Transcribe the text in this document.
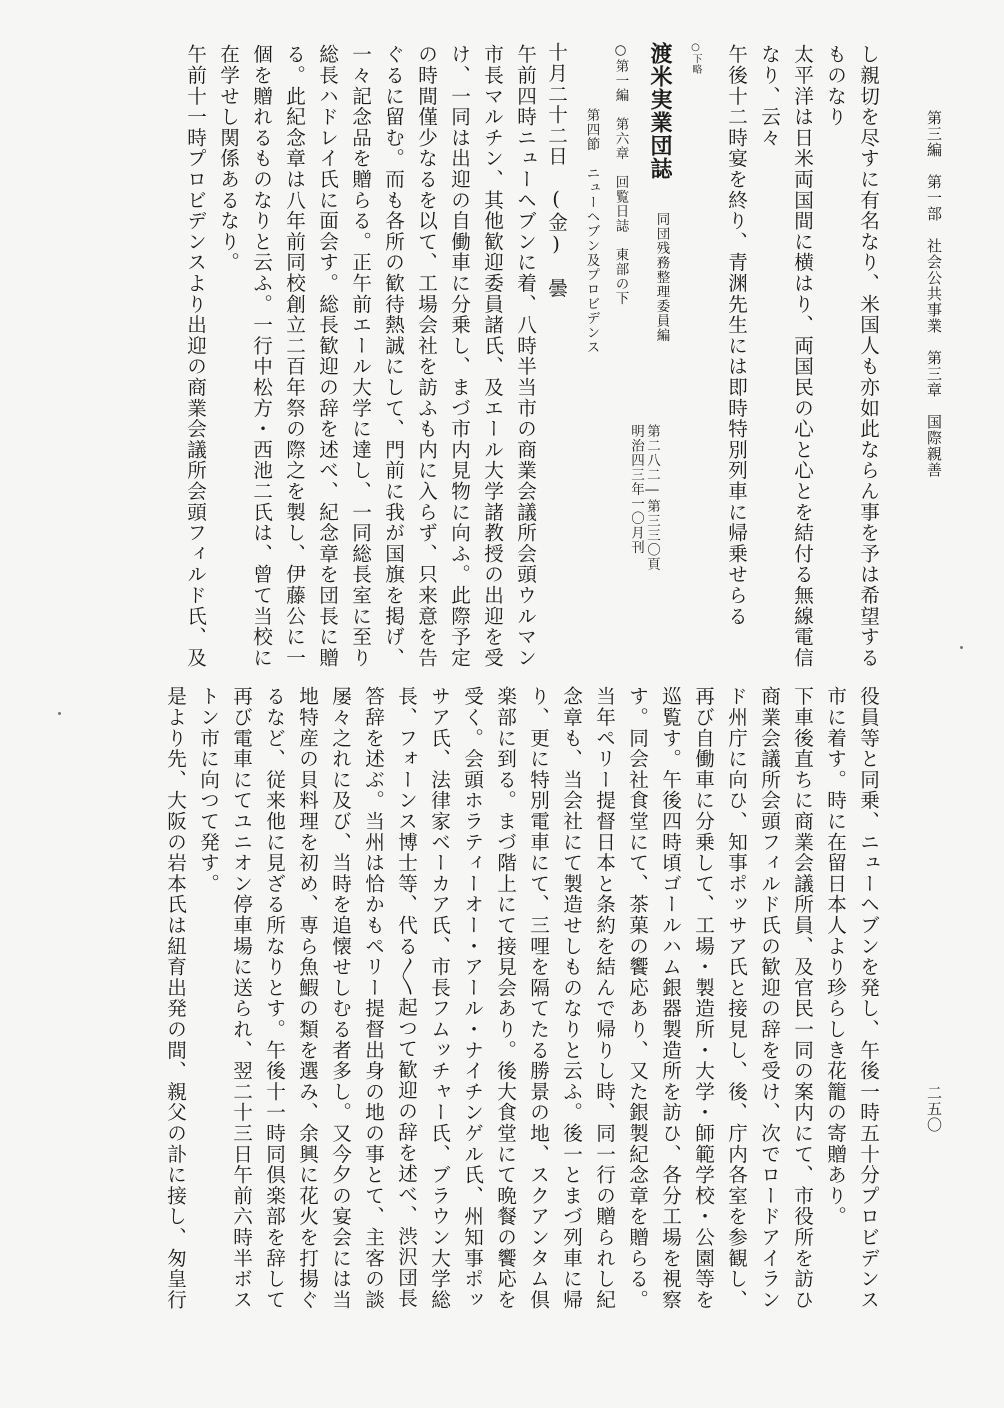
第三編　第一部　社会公共事業　第三章　国際親善
二五〇
し親切を尽すに有名なり、米国人も亦如此ならん事を予は希望する
ものなり
太平洋は日米両国間に横はり、両国民の心と心とを結付る無線電信
なり、云々
午後十二時宴を終り、青渊先生には即時特別列車に帰乗せらる
○下略
渡米実業団誌
同団残務整理委員編
第二八二―第三三〇頁
明治四三年一〇月刊
○第一編　第六章　回覧日誌　東部の下
第四節　ニューヘブン及プロビデンス
十月二十二日　(金)　曇
午前四時ニューヘブンに着、八時半当市の商業会議所会頭ウルマン
市長マルチン、其他歓迎委員諸氏、及エール大学諸教授の出迎を受
け、一同は出迎の自働車に分乗し、まづ市内見物に向ふ。此際予定
の時間僅少なるを以て、工場会社を訪ふも内に入らず、只来意を告
ぐるに留む。而も各所の歓待熱誠にして、門前に我が国旗を掲げ、
一々記念品を贈らる。正午前エール大学に達し、一同総長室に至り
総長ハドレイ氏に面会す。総長歓迎の辞を述べ、紀念章を団長に贈
る。此紀念章は八年前同校創立二百年祭の際之を製し、伊藤公に一
個を贈れるものなりと云ふ。一行中松方・西池二氏は、曾て当校に
在学せし関係あるなり。
午前十一時プロビデンスより出迎の商業会議所会頭フィルド氏、及
役員等と同乗、ニューヘブンを発し、午後一時五十分プロビデンス
市に着す。時に在留日本人より珍らしき花籠の寄贈あり。
下車後直ちに商業会議所員、及官民一同の案内にて、市役所を訪ひ
商業会議所会頭フィルド氏の歓迎の辞を受け、次でロードアイラン
ド州庁に向ひ、知事ポッサア氏と接見し、後、庁内各室を参観し、
再び自働車に分乗して、工場・製造所・大学・師範学校・公園等を
巡覧す。午後四時頃ゴールハム銀器製造所を訪ひ、各分工場を視察
す。同会社食堂にて、茶菓の饗応あり、又た銀製紀念章を贈らる。
当年ペリー提督日本と条約を結んで帰りし時、同一行の贈られし紀
念章も、当会社にて製造せしものなりと云ふ。後一とまづ列車に帰
り、更に特別電車にて、三哩を隔てたる勝景の地、スクアンタム倶
楽部に到る。まづ階上にて接見会あり。後大食堂にて晩餐の饗応を
受く。会頭ホラティーオー・アール・ナイチンゲル氏、州知事ポッ
サア氏、法律家ベーカア氏、市長フムッチャー氏、ブラウン大学総
長、フォーンス博士等、代る〳〵起つて歓迎の辞を述べ、渋沢団長
答辞を述ぶ。当州は恰かもペリー提督出身の地の事とて、主客の談
屡々之れに及び、当時を追懐せしむる者多し。又今夕の宴会には当
地特産の貝料理を初め、専ら魚鰕の類を選み、余興に花火を打揚ぐ
るなど、従来他に見ざる所なりとす。午後十一時同倶楽部を辞して
再び電車にてユニオン停車場に送られ、翌二十三日午前六時半ボス
トン市に向つて発す。
是より先、大阪の岩本氏は紐育出発の間、親父の訃に接し、匆皇行
